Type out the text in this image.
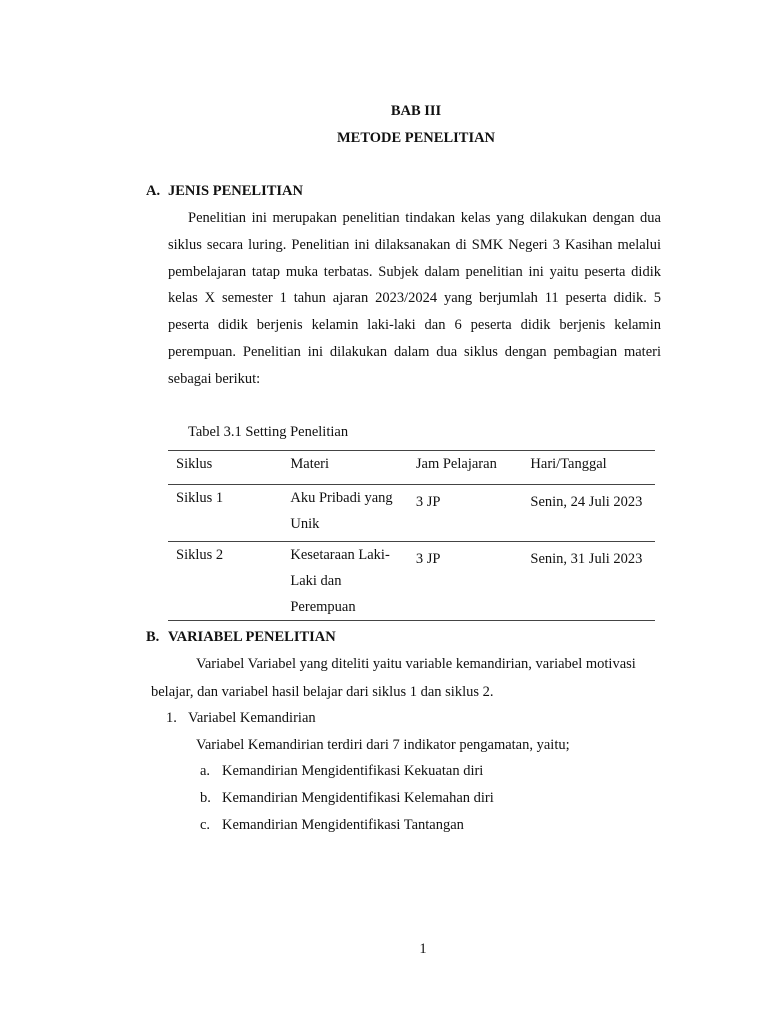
BAB III
METODE PENELITIAN
A. JENIS PENELITIAN

Penelitian ini merupakan penelitian tindakan kelas yang dilakukan dengan dua siklus secara luring. Penelitian ini dilaksanakan di SMK Negeri 3 Kasihan melalui pembelajaran tatap muka terbatas. Subjek dalam penelitian ini yaitu peserta didik kelas X semester 1 tahun ajaran 2023/2024 yang berjumlah 11 peserta didik. 5 peserta didik berjenis kelamin laki-laki dan 6 peserta didik berjenis kelamin perempuan. Penelitian ini dilakukan dalam dua siklus dengan pembagian materi sebagai berikut:

Tabel 3.1 Setting Penelitian
Siklus	Materi	Jam Pelajaran	Hari/Tanggal
Siklus 1	Aku Pribadi yang Unik	3 JP	Senin, 24 Juli 2023
Siklus 2	Kesetaraan Laki-Laki dan Perempuan	3 JP	Senin, 31 Juli 2023
B. VARIABEL PENELITIAN
Variabel Variabel yang diteliti yaitu variable kemandirian, variabel motivasi
belajar, dan variabel hasil belajar dari siklus 1 dan siklus 2.
1. Variabel Kemandirian
Variabel Kemandirian terdiri dari 7 indikator pengamatan, yaitu;
a. Kemandirian Mengidentifikasi Kekuatan diri
b. Kemandirian Mengidentifikasi Kelemahan diri
c. Kemandirian Mengidentifikasi Tantangan
1
